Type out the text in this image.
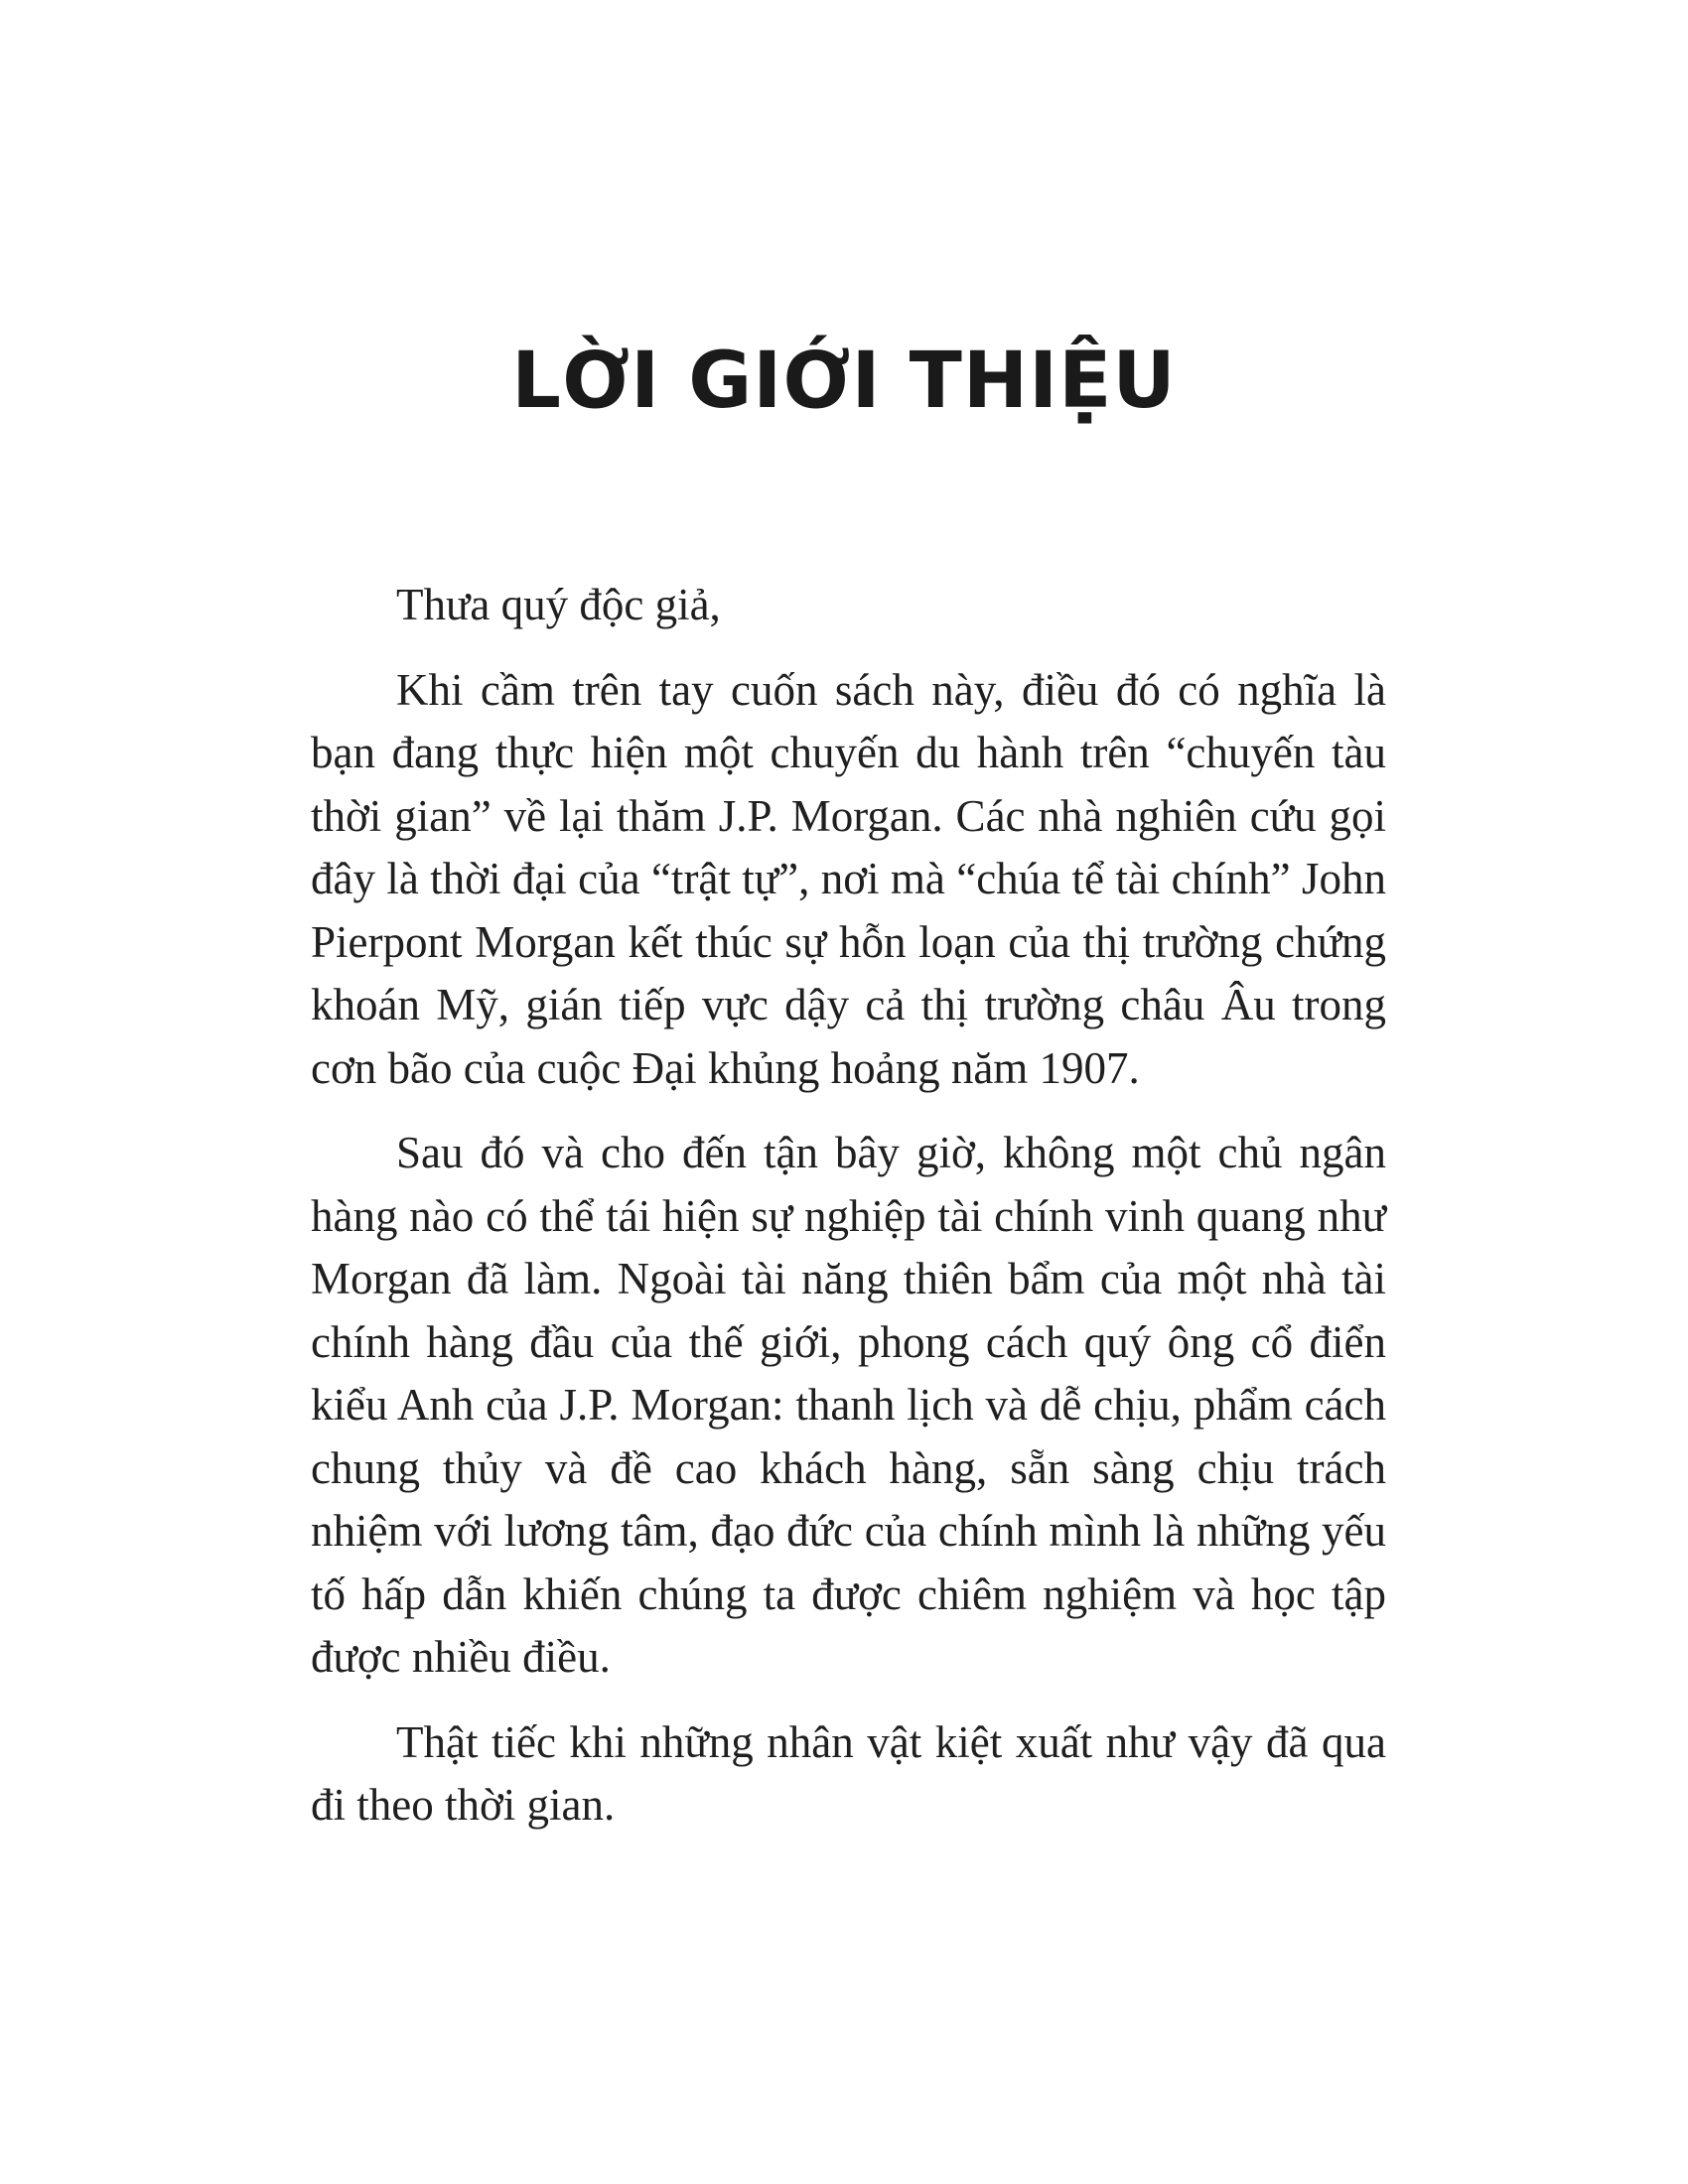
LỜI GIỚI THIỆU

Thưa quý độc giả,

Khi cầm trên tay cuốn sách này, điều đó có nghĩa là bạn đang thực hiện một chuyến du hành trên “chuyến tàu thời gian” về lại thăm J.P. Morgan. Các nhà nghiên cứu gọi đây là thời đại của “trật tự”, nơi mà “chúa tể tài chính” John Pierpont Morgan kết thúc sự hỗn loạn của thị trường chứng khoán Mỹ, gián tiếp vực dậy cả thị trường châu Âu trong cơn bão của cuộc Đại khủng hoảng năm 1907.

Sau đó và cho đến tận bây giờ, không một chủ ngân hàng nào có thể tái hiện sự nghiệp tài chính vinh quang như Morgan đã làm. Ngoài tài năng thiên bẩm của một nhà tài chính hàng đầu của thế giới, phong cách quý ông cổ điển kiểu Anh của J.P. Morgan: thanh lịch và dễ chịu, phẩm cách chung thủy và đề cao khách hàng, sẵn sàng chịu trách nhiệm với lương tâm, đạo đức của chính mình là những yếu tố hấp dẫn khiến chúng ta được chiêm nghiệm và học tập được nhiều điều.

Thật tiếc khi những nhân vật kiệt xuất như vậy đã qua đi theo thời gian.
